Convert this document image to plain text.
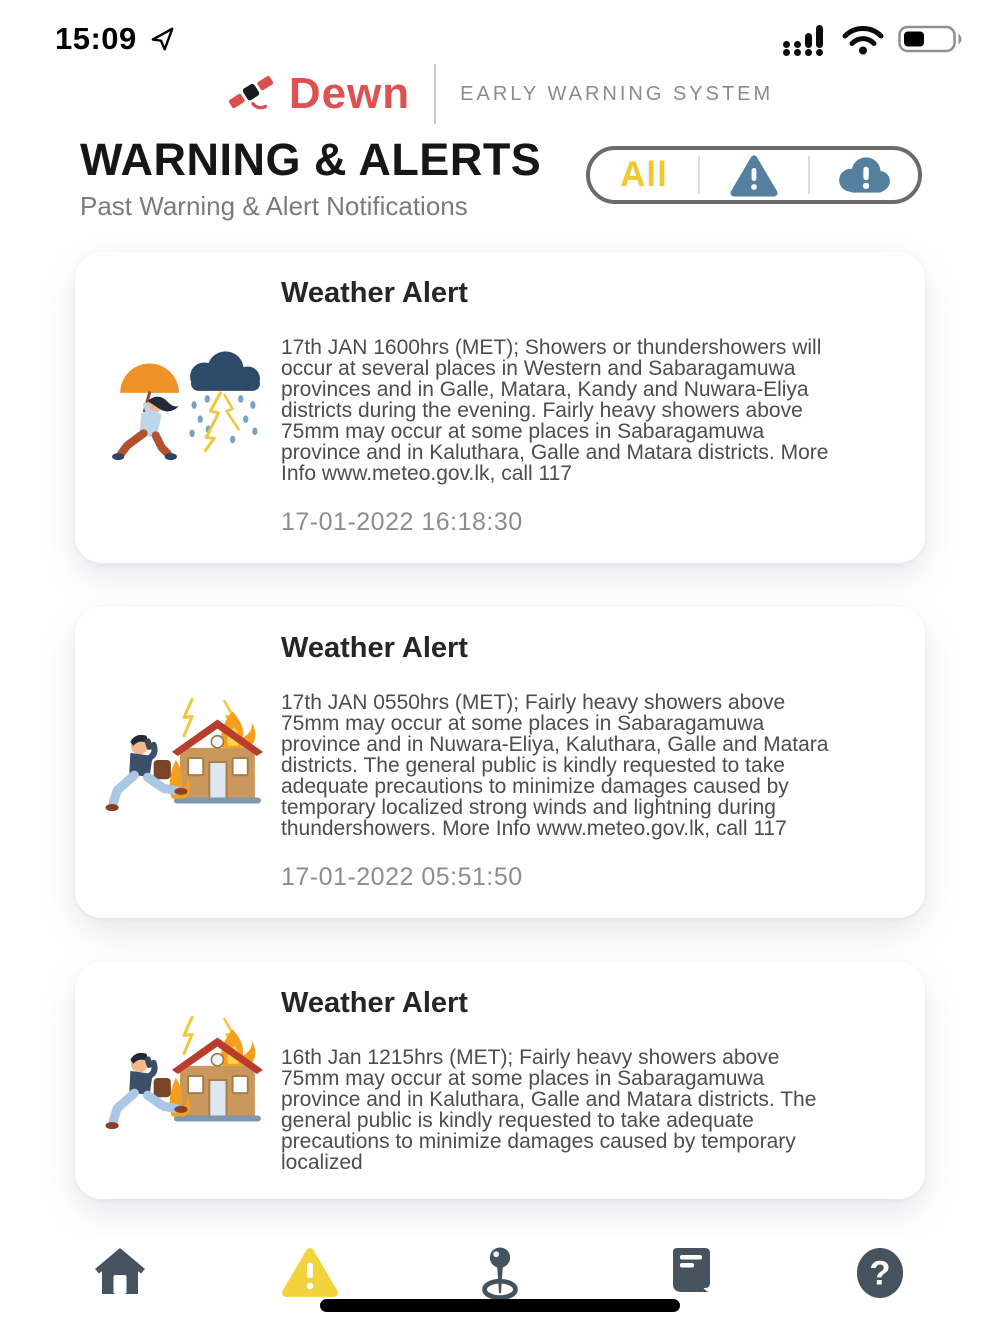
15:09
Dewn	EARLY WARNING SYSTEM
WARNING & ALERTS
Past Warning & Alert Notifications
All
Weather Alert
17th JAN 1600hrs (MET); Showers or thundershowers will occur at several places in Western and Sabaragamuwa provinces and in Galle, Matara, Kandy and Nuwara-Eliya districts during the evening. Fairly heavy showers above 75mm may occur at some places in Sabaragamuwa province and in Kaluthara, Galle and Matara districts. More Info www.meteo.gov.lk, call 117
17-01-2022 16:18:30
Weather Alert
17th JAN 0550hrs (MET); Fairly heavy showers above 75mm may occur at some places in Sabaragamuwa province and in Nuwara-Eliya, Kaluthara, Galle and Matara districts. The general public is kindly requested to take adequate precautions to minimize damages caused by temporary localized strong winds and lightning during thundershowers. More Info www.meteo.gov.lk, call 117
17-01-2022 05:51:50
Weather Alert
16th Jan 1215hrs (MET); Fairly heavy showers above 75mm may occur at some places in Sabaragamuwa province and in Kaluthara, Galle and Matara districts. The general public is kindly requested to take adequate precautions to minimize damages caused by temporary localized
?
